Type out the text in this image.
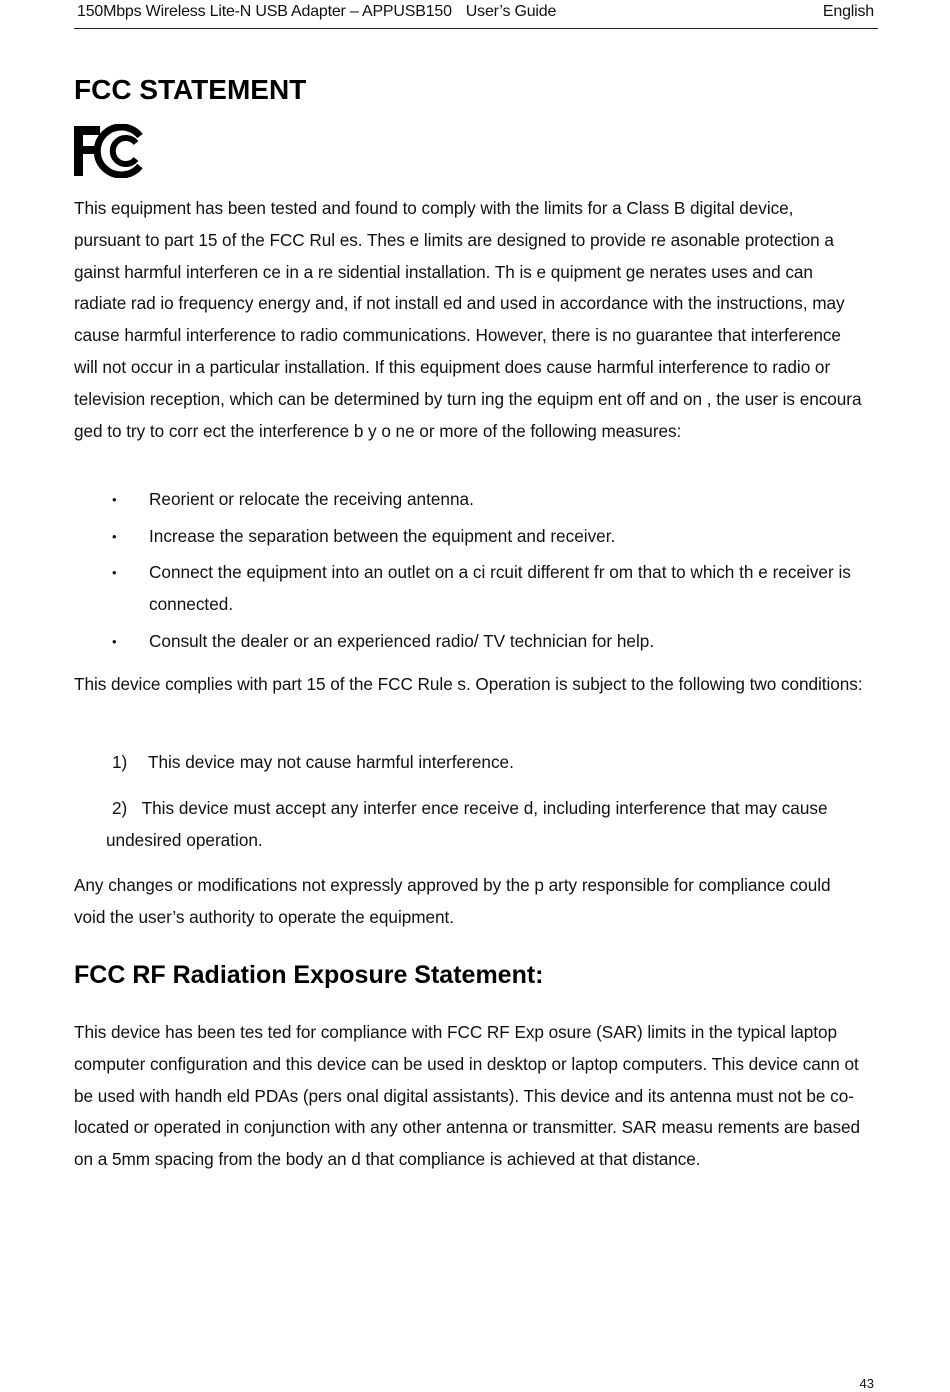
150Mbps Wireless Lite-N USB Adapter – APPUSB150 User’s Guide	English
FCC STATEMENT

This equipment has been tested and found to comply with the limits for a Class B digital device, pursuant to part 15 of the FCC Rul es. Thes e limits are designed to provide re asonable protection a gainst harmful interferen ce in a re sidential installation. Th is e quipment ge nerates uses and can radiate rad io frequency energy and, if not install ed and used in accordance with the instructions, may cause harmful interference to radio communications. However, there is no guarantee that interference will not occur in a particular installation. If this equipment does cause harmful interference to radio or television reception, which can be determined by turn ing the equipm ent off and on , the user is encoura ged to try to corr ect the interference b y o ne or more of the following measures:

• Reorient or relocate the receiving antenna.
• Increase the separation between the equipment and receiver.
• Connect the equipment into an outlet on a ci rcuit different fr om that to which th e receiver is connected.
• Consult the dealer or an experienced radio/ TV technician for help.

This device complies with part 15 of the FCC Rule s. Operation is subject to the following two conditions:

1) This device may not cause harmful interference.
2) This device must accept any interfer ence receive d, including interference that may cause undesired operation.

Any changes or modifications not expressly approved by the p arty responsible for compliance could void the user’s authority to operate the equipment.

FCC RF Radiation Exposure Statement:

This device has been tes ted for compliance with FCC RF Exp osure (SAR) limits in the typical laptop computer configuration and this device can be used in desktop or laptop computers. This device cann ot be used with handh eld PDAs (pers onal digital assistants). This device and its antenna must not be co-located or operated in conjunction with any other antenna or transmitter. SAR measu rements are based on a 5mm spacing from the body an d that compliance is achieved at that distance.

43
